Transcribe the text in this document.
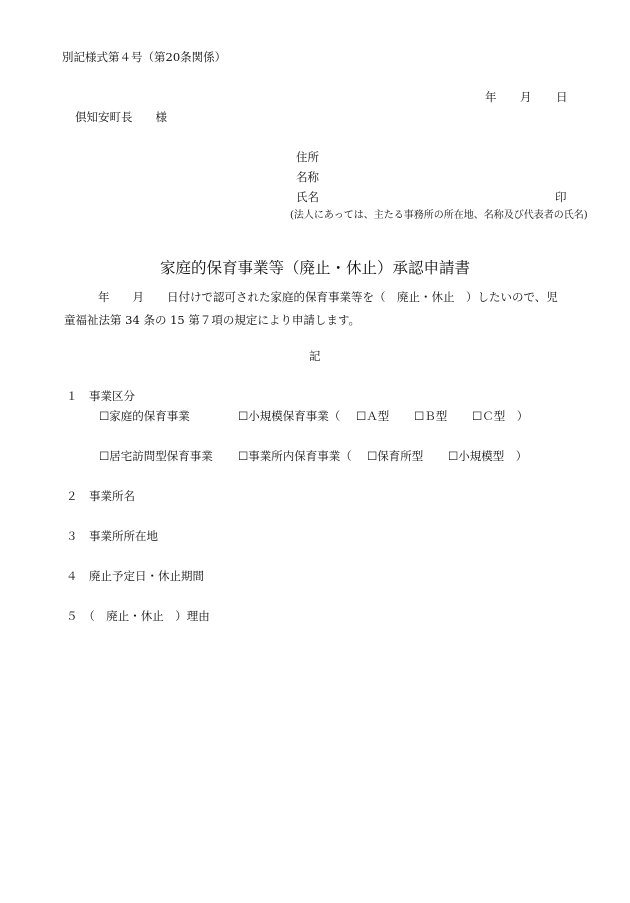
別記様式第４号（第20条関係）
年 月 日
倶知安町長　　様
住所
名称
氏名	印
(法人にあっては、主たる事務所の所在地、名称及び代表者の氏名)
家庭的保育事業等（廃止・休止）承認申請書
年　　月　　日付けで認可された家庭的保育事業等を（　廃止・休止　）したいので、児
童福祉法第 34 条の 15 第７項の規定により申請します。
記
１　事業区分
☐家庭的保育事業	☐小規模保育事業（ ☐Ａ型 ☐Ｂ型 ☐Ｃ型　）
☐居宅訪問型保育事業 ☐事業所内保育事業（ ☐保育所型 ☐小規模型　）
２　事業所名
３　事業所所在地
４　廃止予定日・休止期間
５　（　廃止・休止　）理由
